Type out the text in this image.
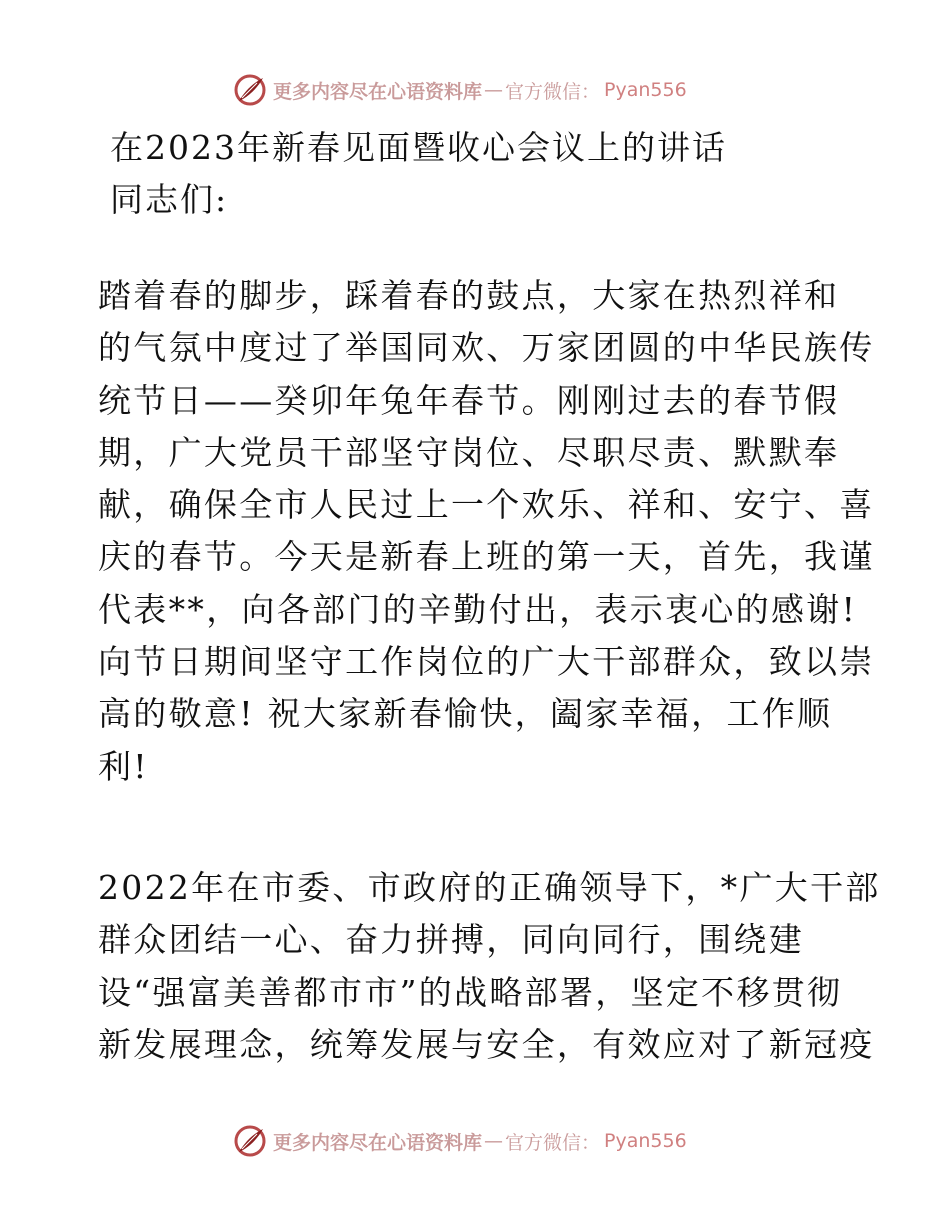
更多内容尽在心语资料库 — 官方微信： Pyan556
在2023年新春见面暨收心会议上的讲话
同志们:
踏着春的脚步，踩着春的鼓点，大家在热烈祥和
的气氛中度过了举国同欢、万家团圆的中华民族传
统节日——癸卯年兔年春节。刚刚过去的春节假
期，广大党员干部坚守岗位、尽职尽责、默默奉
献，确保全市人民过上一个欢乐、祥和、安宁、喜
庆的春节。今天是新春上班的第一天，首先，我谨
代表**，向各部门的辛勤付出，表示衷心的感谢!
向节日期间坚守工作岗位的广大干部群众，致以崇
高的敬意! 祝大家新春愉快，阖家幸福，工作顺
利!
2022年在市委、市政府的正确领导下，*广大干部
群众团结一心、奋力拼搏，同向同行，围绕建
设“强富美善都市市”的战略部署，坚定不移贯彻
新发展理念，统筹发展与安全，有效应对了新冠疫
更多内容尽在心语资料库 — 官方微信： Pyan556
